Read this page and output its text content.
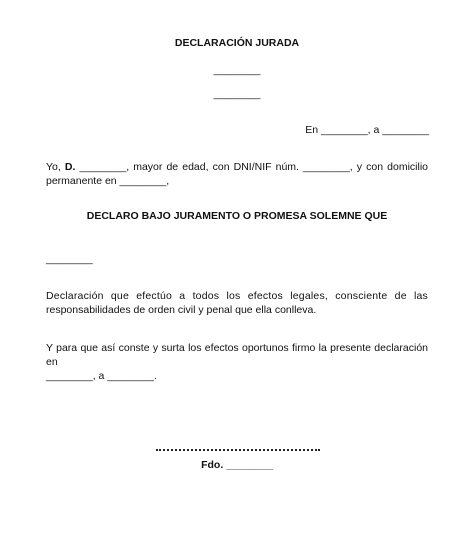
DECLARACIÓN JURADA
________
________
En ________, a ________
Yo, D. ________, mayor de edad, con DNI/NIF núm. ________, y con domicilio
permanente en ________,
DECLARO BAJO JURAMENTO O PROMESA SOLEMNE QUE
________
Declaración que efectúo a todos los efectos legales, consciente de las
responsabilidades de orden civil y penal que ella conlleva.
Y para que así conste y surta los efectos oportunos firmo la presente declaración en
________, a ________.
Fdo. ________
